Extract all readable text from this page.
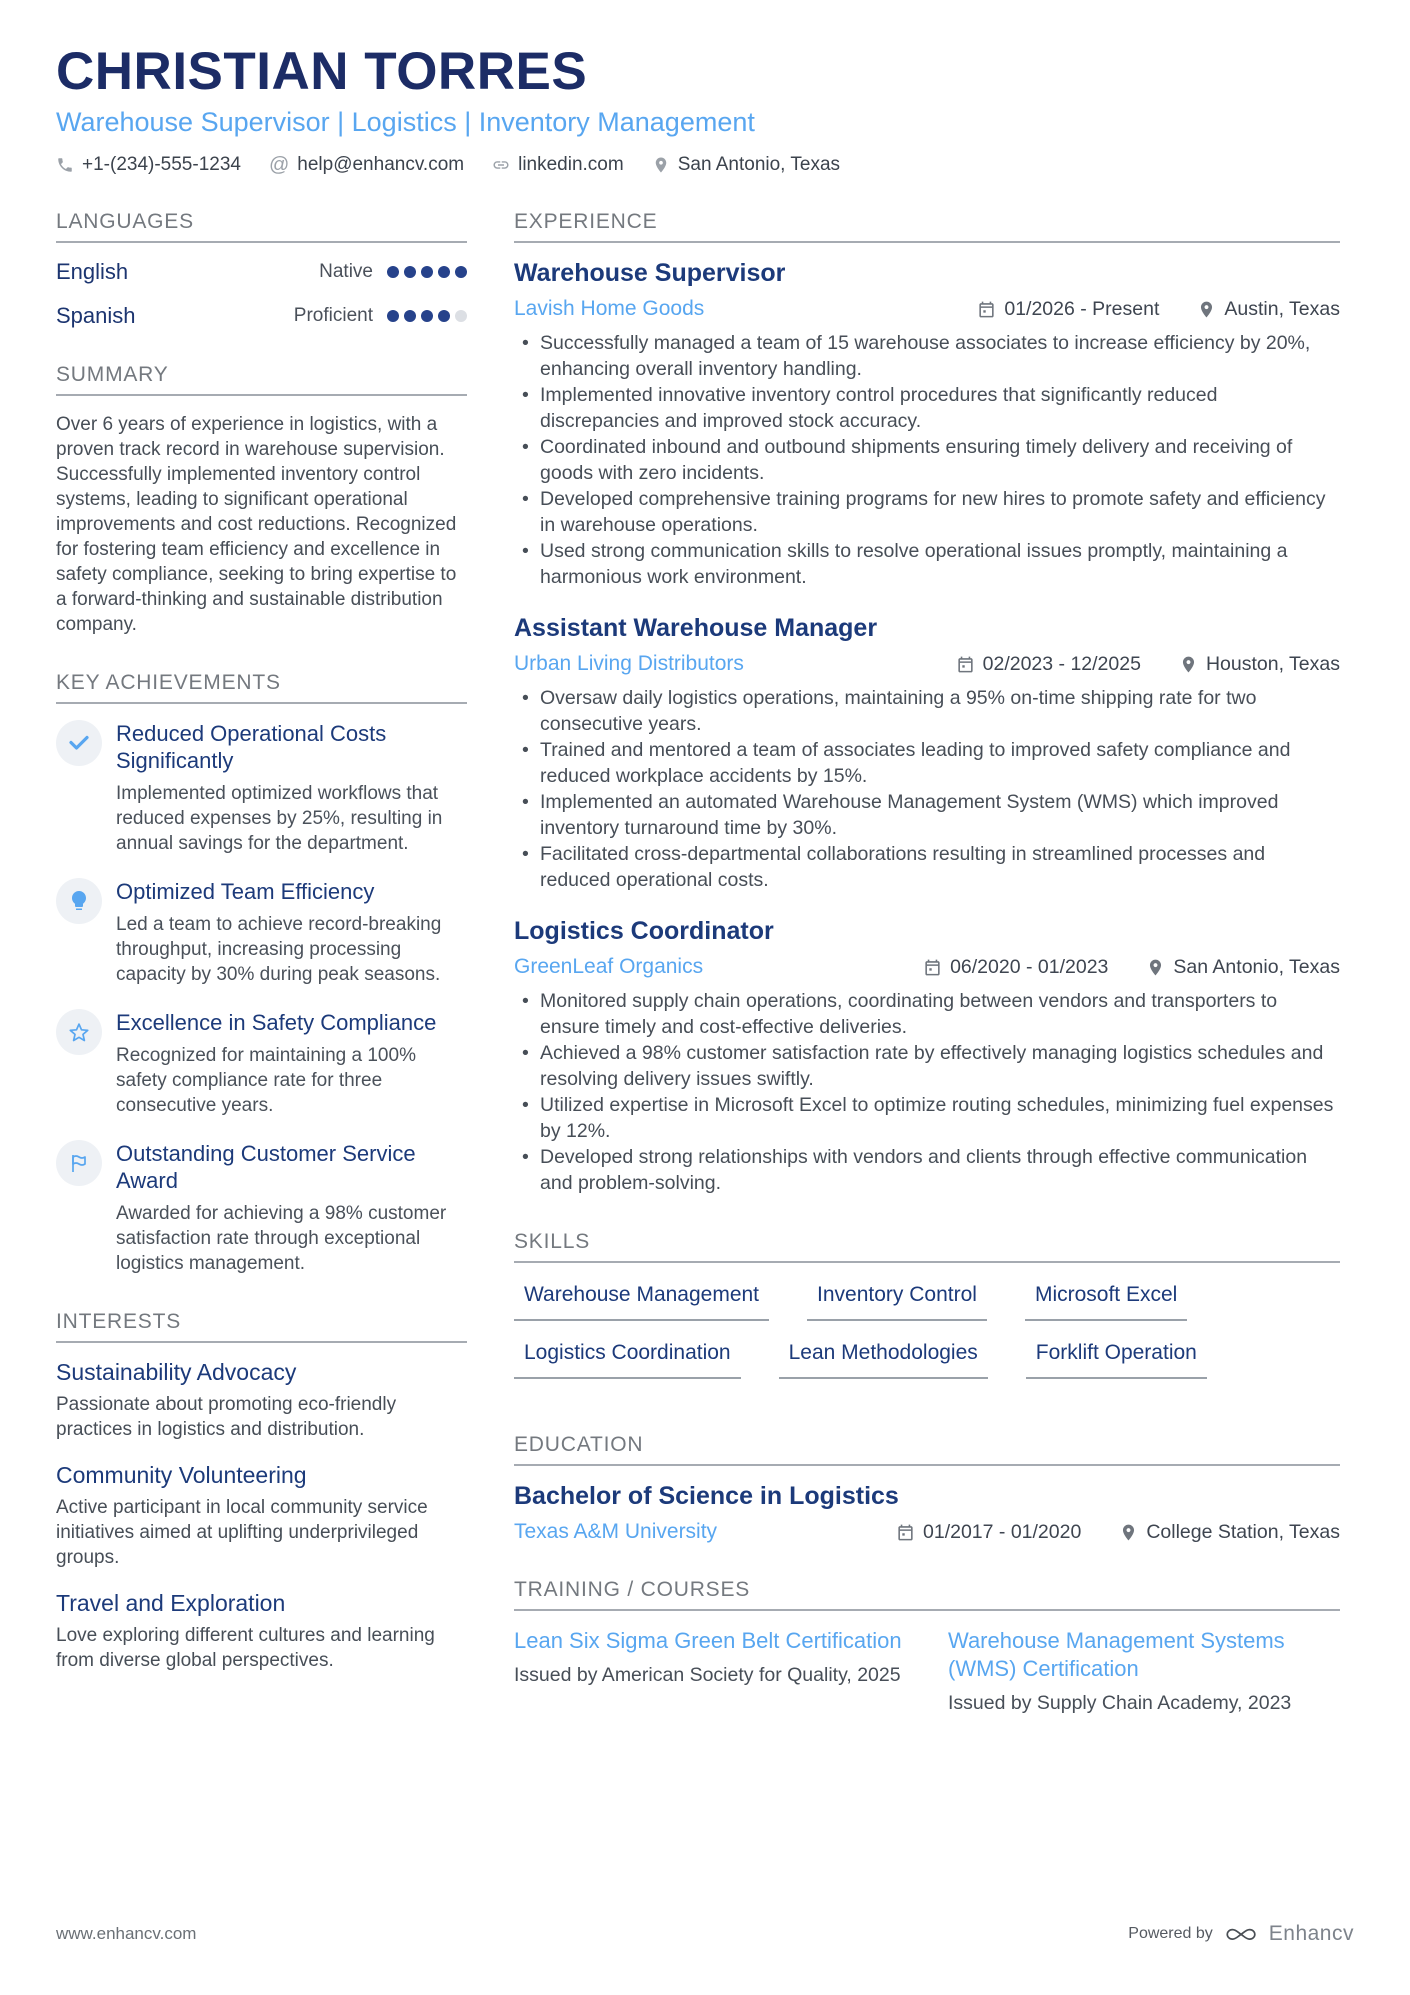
CHRISTIAN TORRES
Warehouse Supervisor | Logistics | Inventory Management
+1-(234)-555-1234 @ help@enhancv.com	linkedin.com	San Antonio, Texas
LANGUAGES
English	Native
Spanish	Proficient
SUMMARY

Over 6 years of experience in logistics, with a proven track record in warehouse supervision. Successfully implemented inventory control systems, leading to significant operational improvements and cost reductions. Recognized for fostering team efficiency and excellence in safety compliance, seeking to bring expertise to a forward-thinking and sustainable distribution company.

KEY ACHIEVEMENTS
Reduced Operational Costs Significantly

Implemented optimized workflows that reduced expenses by 25%, resulting in annual savings for the department.

Optimized Team Efficiency

Led a team to achieve record-breaking throughput, increasing processing capacity by 30% during peak seasons.

Excellence in Safety Compliance

Recognized for maintaining a 100% safety compliance rate for three consecutive years.

Outstanding Customer Service Award

Awarded for achieving a 98% customer satisfaction rate through exceptional logistics management.

INTERESTS
Sustainability Advocacy

Passionate about promoting eco-friendly practices in logistics and distribution.

Community Volunteering

Active participant in local community service initiatives aimed at uplifting underprivileged groups.

Travel and Exploration

Love exploring different cultures and learning from diverse global perspectives.

EXPERIENCE
Warehouse Supervisor
Lavish Home Goods	01/2026 - Present	Austin, Texas
• Successfully managed a team of 15 warehouse associates to increase efficiency by 20%, enhancing overall inventory handling.
• Implemented innovative inventory control procedures that significantly reduced discrepancies and improved stock accuracy.
• Coordinated inbound and outbound shipments ensuring timely delivery and receiving of goods with zero incidents.
• Developed comprehensive training programs for new hires to promote safety and efficiency in warehouse operations.
• Used strong communication skills to resolve operational issues promptly, maintaining a harmonious work environment.
Assistant Warehouse Manager
Urban Living Distributors	02/2023 - 12/2025	Houston, Texas
• Oversaw daily logistics operations, maintaining a 95% on-time shipping rate for two consecutive years.
• Trained and mentored a team of associates leading to improved safety compliance and reduced workplace accidents by 15%.
• Implemented an automated Warehouse Management System (WMS) which improved inventory turnaround time by 30%.
• Facilitated cross-departmental collaborations resulting in streamlined processes and reduced operational costs.
Logistics Coordinator
GreenLeaf Organics	06/2020 - 01/2023	San Antonio, Texas
• Monitored supply chain operations, coordinating between vendors and transporters to ensure timely and cost-effective deliveries.
• Achieved a 98% customer satisfaction rate by effectively managing logistics schedules and resolving delivery issues swiftly.
• Utilized expertise in Microsoft Excel to optimize routing schedules, minimizing fuel expenses by 12%.
• Developed strong relationships with vendors and clients through effective communication and problem-solving.
SKILLS
Warehouse Management	Inventory Control	Microsoft Excel
Logistics Coordination	Lean Methodologies	Forklift Operation
EDUCATION
Bachelor of Science in Logistics
Texas A&M University	01/2017 - 01/2020	College Station, Texas
TRAINING / COURSES
Lean Six Sigma Green Belt Certification

Issued by American Society for Quality, 2025

Warehouse Management Systems (WMS) Certification

Issued by Supply Chain Academy, 2023

www.enhancv.com	Powered by	Enhancv
